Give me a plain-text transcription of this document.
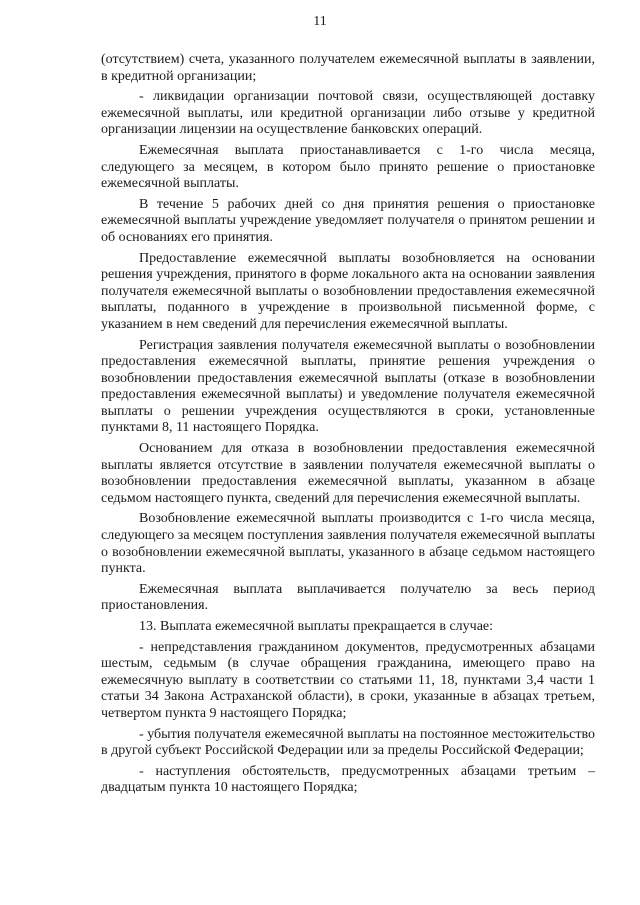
11

(отсутствием) счета, указанного получателем ежемесячной выплаты в заявлении, в кредитной организации;

- ликвидации организации почтовой связи, осуществляющей доставку ежемесячной выплаты, или кредитной организации либо отзыве у кредитной организации лицензии на осуществление банковских операций.

Ежемесячная выплата приостанавливается с 1-го числа месяца, следующего за месяцем, в котором было принято решение о приостановке ежемесячной выплаты.

В течение 5 рабочих дней со дня принятия решения о приостановке ежемесячной выплаты учреждение уведомляет получателя о принятом решении и об основаниях его принятия.

Предоставление ежемесячной выплаты возобновляется на основании решения учреждения, принятого в форме локального акта на основании заявления получателя ежемесячной выплаты о возобновлении предоставления ежемесячной выплаты, поданного в учреждение в произвольной письменной форме, с указанием в нем сведений для перечисления ежемесячной выплаты.

Регистрация заявления получателя ежемесячной выплаты о возобновлении предоставления ежемесячной выплаты, принятие решения учреждения о возобновлении предоставления ежемесячной выплаты (отказе в возобновлении предоставления ежемесячной выплаты) и уведомление получателя ежемесячной выплаты о решении учреждения осуществляются в сроки, установленные пунктами 8, 11 настоящего Порядка.

Основанием для отказа в возобновлении предоставления ежемесячной выплаты является отсутствие в заявлении получателя ежемесячной выплаты о возобновлении предоставления ежемесячной выплаты, указанном в абзаце седьмом настоящего пункта, сведений для перечисления ежемесячной выплаты.

Возобновление ежемесячной выплаты производится с 1-го числа месяца, следующего за месяцем поступления заявления получателя ежемесячной выплаты о возобновлении ежемесячной выплаты, указанного в абзаце седьмом настоящего пункта.

Ежемесячная выплата выплачивается получателю за весь период приостановления.

13. Выплата ежемесячной выплаты прекращается в случае:

- непредставления гражданином документов, предусмотренных абзацами шестым, седьмым (в случае обращения гражданина, имеющего право на ежемесячную выплату в соответствии со статьями 11, 18, пунктами 3,4 части 1 статьи 34 Закона Астраханской области), в сроки, указанные в абзацах третьем, четвертом пункта 9 настоящего Порядка;

- убытия получателя ежемесячной выплаты на постоянное местожительство в другой субъект Российской Федерации или за пределы Российской Федерации;

- наступления обстоятельств, предусмотренных абзацами третьим – двадцатым пункта 10 настоящего Порядка;
